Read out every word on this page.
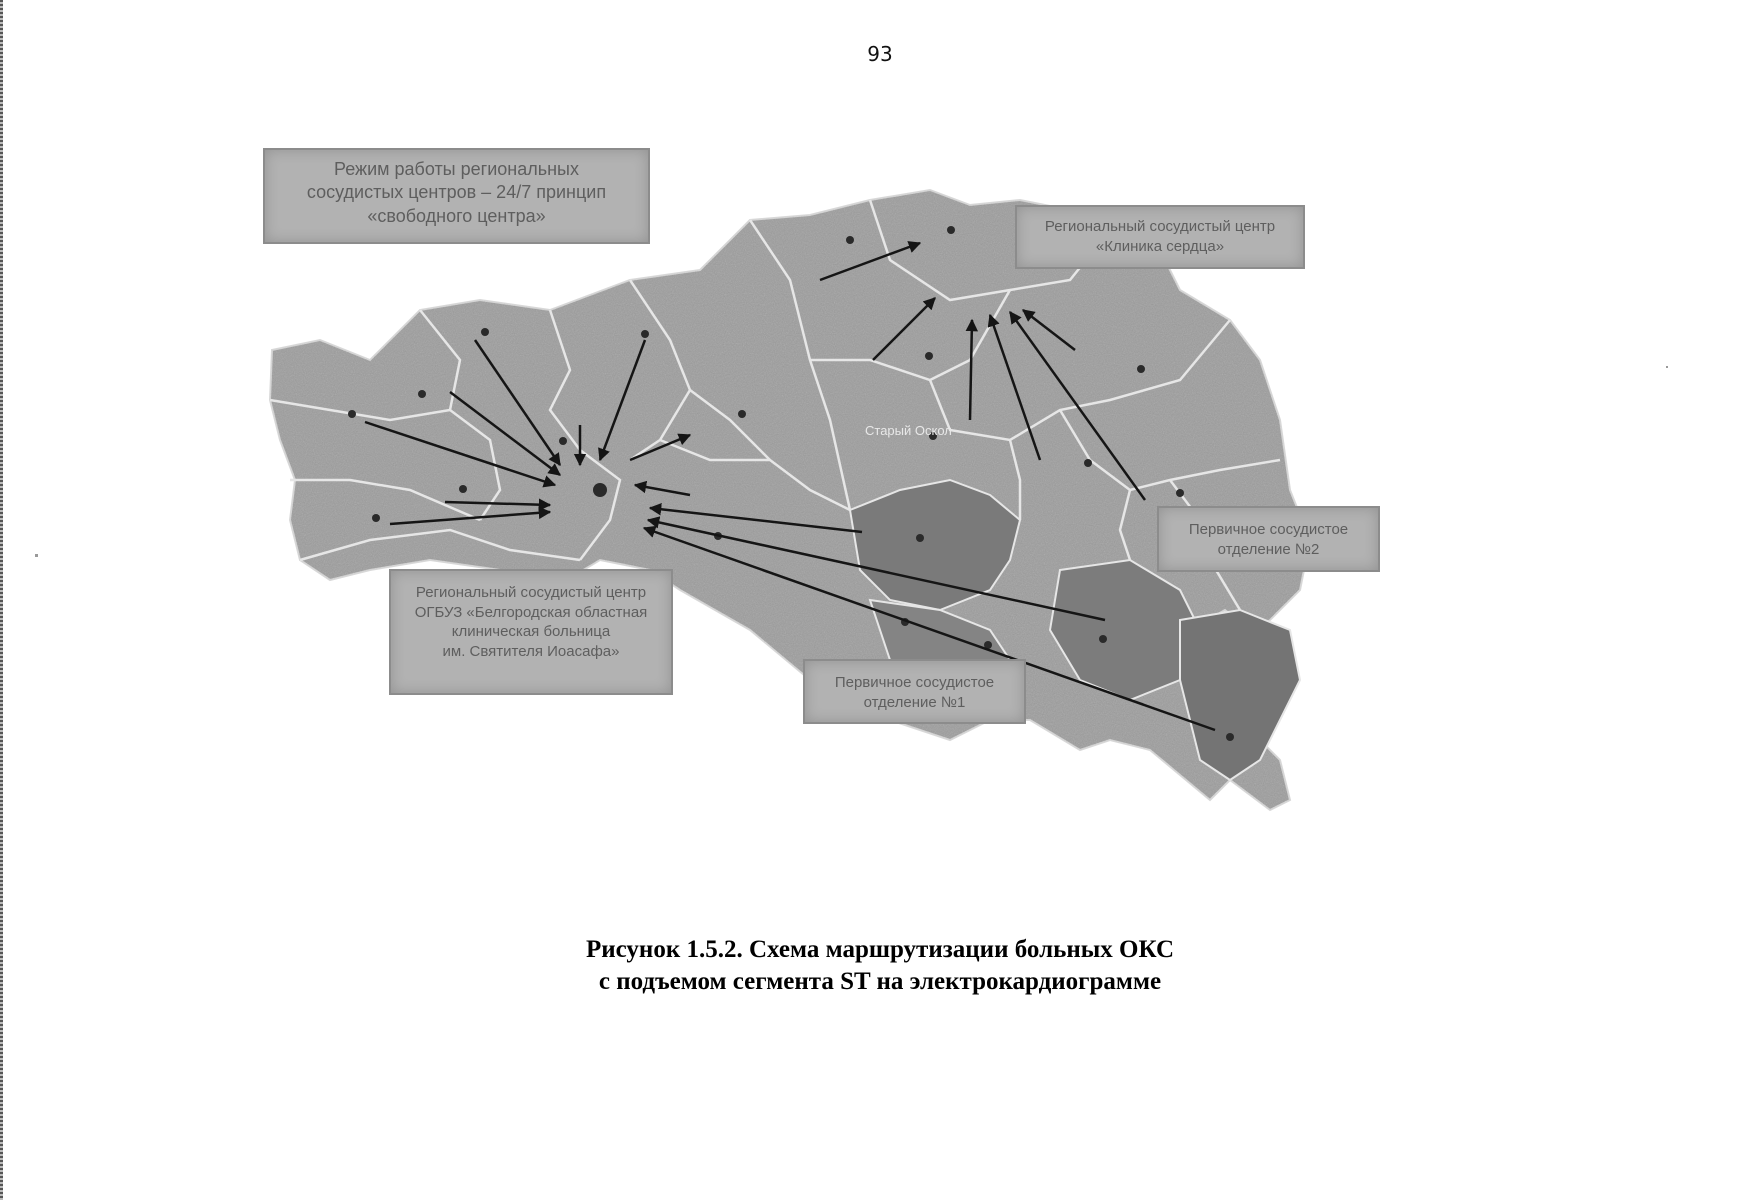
93
Старый Оскол
Режим работы региональных
сосудистых центров – 24/7 принцип
«свободного центра»
Региональный сосудистый центр
«Клиника сердца»
Первичное сосудистое
отделение №2
Региональный сосудистый центр
ОГБУЗ «Белгородская областная
клиническая больница
им. Святителя Иоасафа»
Первичное сосудистое
отделение №1
Рисунок 1.5.2. Схема маршрутизации больных ОКС
с подъемом сегмента ST на электрокардиограмме
